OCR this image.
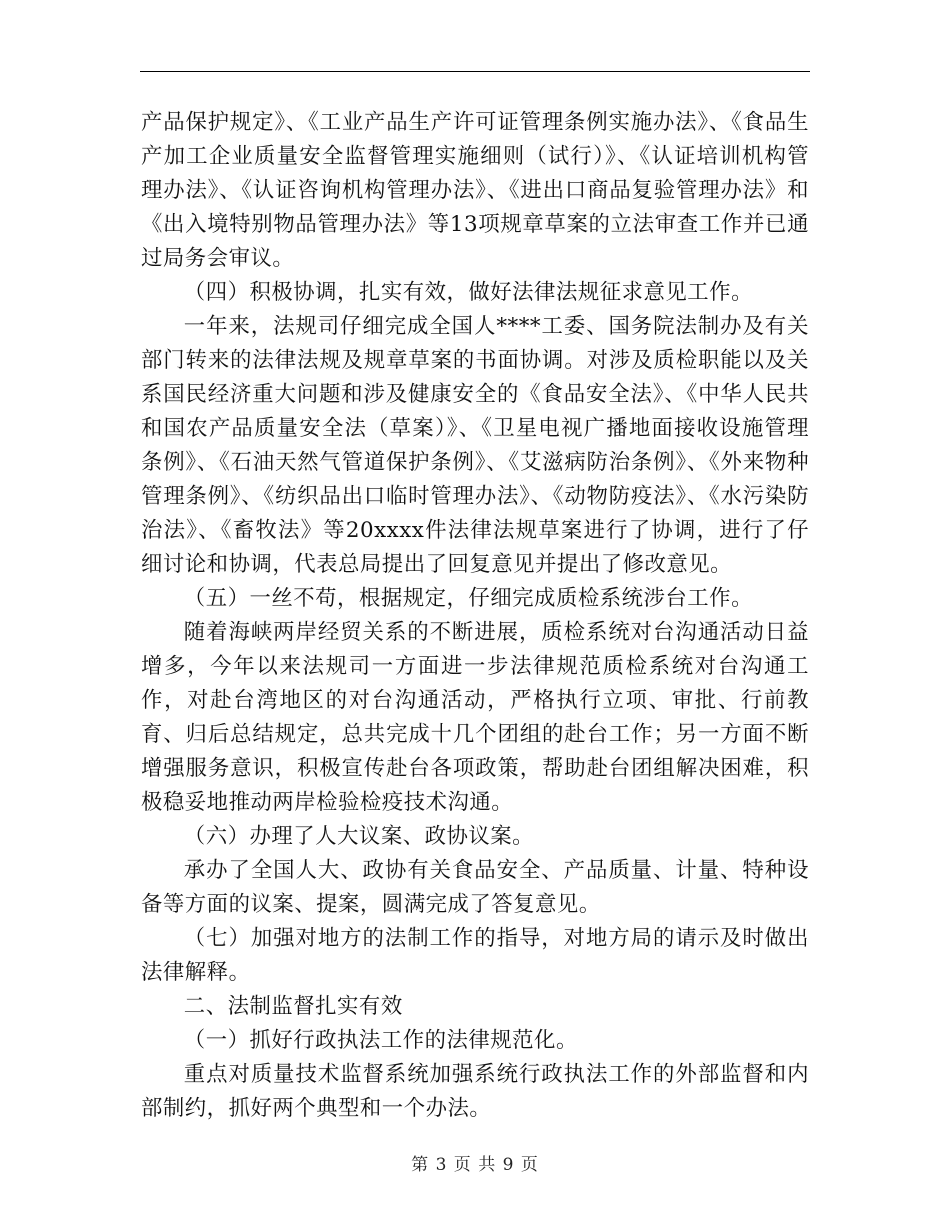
产品保护规定》、《工业产品生产许可证管理条例实施办法》、《食品生产加工企业质量安全监督管理实施细则（试行）》、《认证培训机构管理办法》、《认证咨询机构管理办法》、《进出口商品复验管理办法》和《出入境特别物品管理办法》等13项规章草案的立法审查工作并已通过局务会审议。

（四）积极协调，扎实有效，做好法律法规征求意见工作。

一年来，法规司仔细完成全国人****工委、国务院法制办及有关部门转来的法律法规及规章草案的书面协调。对涉及质检职能以及关系国民经济重大问题和涉及健康安全的《食品安全法》、《中华人民共和国农产品质量安全法（草案）》、《卫星电视广播地面接收设施管理条例》、《石油天然气管道保护条例》、《艾滋病防治条例》、《外来物种管理条例》、《纺织品出口临时管理办法》、《动物防疫法》、《水污染防治法》、《畜牧法》等20xxxx件法律法规草案进行了协调，进行了仔细讨论和协调，代表总局提出了回复意见并提出了修改意见。

（五）一丝不苟，根据规定，仔细完成质检系统涉台工作。

随着海峡两岸经贸关系的不断进展，质检系统对台沟通活动日益增多，今年以来法规司一方面进一步法律规范质检系统对台沟通工作，对赴台湾地区的对台沟通活动，严格执行立项、审批、行前教育、归后总结规定，总共完成十几个团组的赴台工作；另一方面不断增强服务意识，积极宣传赴台各项政策，帮助赴台团组解决困难，积极稳妥地推动两岸检验检疫技术沟通。

（六）办理了人大议案、政协议案。

承办了全国人大、政协有关食品安全、产品质量、计量、特种设备等方面的议案、提案，圆满完成了答复意见。

（七）加强对地方的法制工作的指导，对地方局的请示及时做出法律解释。

二、法制监督扎实有效

（一）抓好行政执法工作的法律规范化。

重点对质量技术监督系统加强系统行政执法工作的外部监督和内部制约，抓好两个典型和一个办法。

第 3 页 共 9 页
